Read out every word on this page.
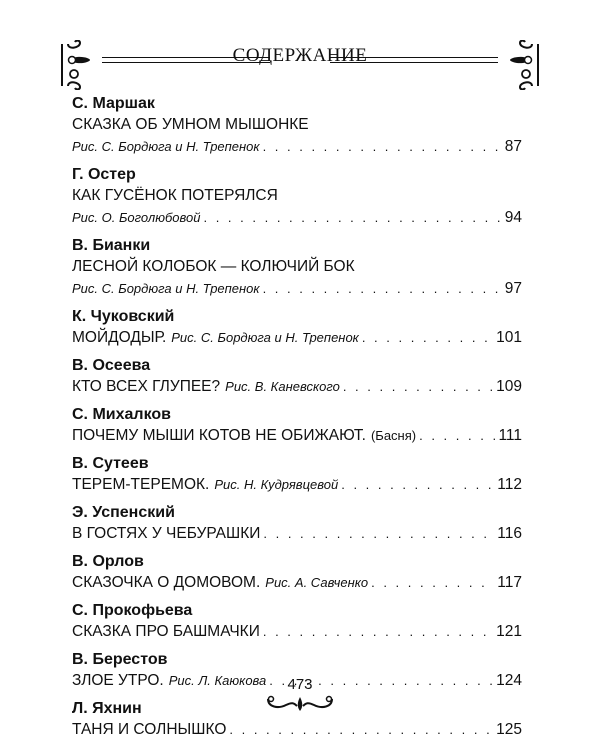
СОДЕРЖАНИЕ
С. Маршак
СКАЗКА ОБ УМНОМ МЫШОНКЕ
Рис. С. Бордюга и Н. Трепенок . . .	87
Г. Остер
КАК ГУСЁНОК ПОТЕРЯЛСЯ
Рис. О. Боголюбовой . . .	94
В. Бианки
ЛЕСНОЙ КОЛОБОК — КОЛЮЧИЙ БОК
Рис. С. Бордюга и Н. Трепенок . . .	97
К. Чуковский
МОЙДОДЫР. Рис. С. Бордюга и Н. Трепенок . . .	101
В. Осеева
КТО ВСЕХ ГЛУПЕЕ? Рис. В. Каневского . . .	109
С. Михалков
ПОЧЕМУ МЫШИ КОТОВ НЕ ОБИЖАЮТ. (Басня) . . .	111
В. Сутеев
ТЕРЕМ-ТЕРЕМОК. Рис. Н. Кудрявцевой . . .	112
Э. Успенский
В ГОСТЯХ У ЧЕБУРАШКИ . . .	116
В. Орлов
СКАЗОЧКА О ДОМОВОМ. Рис. А. Савченко . . .	117
С. Прокофьева
СКАЗКА ПРО БАШМАЧКИ . . .	121
В. Берестов
ЗЛОЕ УТРО. Рис. Л. Каюкова . . .	124
Л. Яхнин
ТАНЯ И СОЛНЫШКО . . .	125
473
